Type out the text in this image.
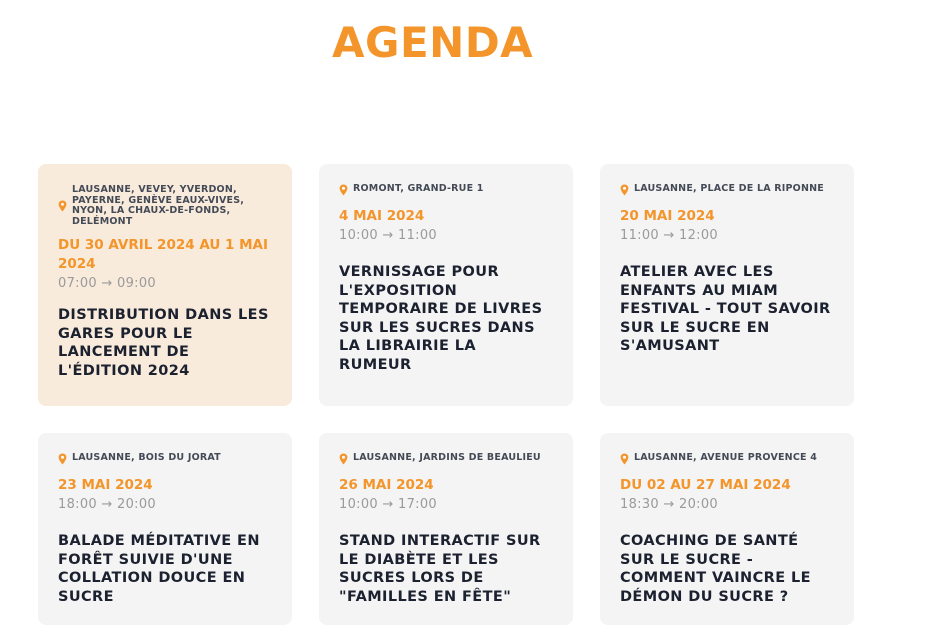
AGENDA
LAUSANNE, VEVEY, YVERDON, PAYERNE, GENÈVE EAUX-VIVES, NYON, LA CHAUX-DE-FONDS, DELÉMONT
DU 30 AVRIL 2024 AU 1 MAI 2024
07:00 → 09:00
DISTRIBUTION DANS LES GARES POUR LE LANCEMENT DE L'ÉDITION 2024
ROMONT, GRAND-RUE 1
4 MAI 2024
10:00 → 11:00
VERNISSAGE POUR L'EXPOSITION TEMPORAIRE DE LIVRES SUR LES SUCRES DANS LA LIBRAIRIE LA RUMEUR
LAUSANNE, PLACE DE LA RIPONNE
20 MAI 2024
11:00 → 12:00
ATELIER AVEC LES ENFANTS AU MIAM FESTIVAL - TOUT SAVOIR SUR LE SUCRE EN S'AMUSANT
LAUSANNE, BOIS DU JORAT
23 MAI 2024
18:00 → 20:00
BALADE MÉDITATIVE EN FORÊT SUIVIE D'UNE COLLATION DOUCE EN SUCRE
LAUSANNE, JARDINS DE BEAULIEU
26 MAI 2024
10:00 → 17:00
STAND INTERACTIF SUR LE DIABÈTE ET LES SUCRES LORS DE "FAMILLES EN FÊTE"
LAUSANNE, AVENUE PROVENCE 4
DU 02 AU 27 MAI 2024
18:30 → 20:00
COACHING DE SANTÉ SUR LE SUCRE - COMMENT VAINCRE LE DÉMON DU SUCRE ?
